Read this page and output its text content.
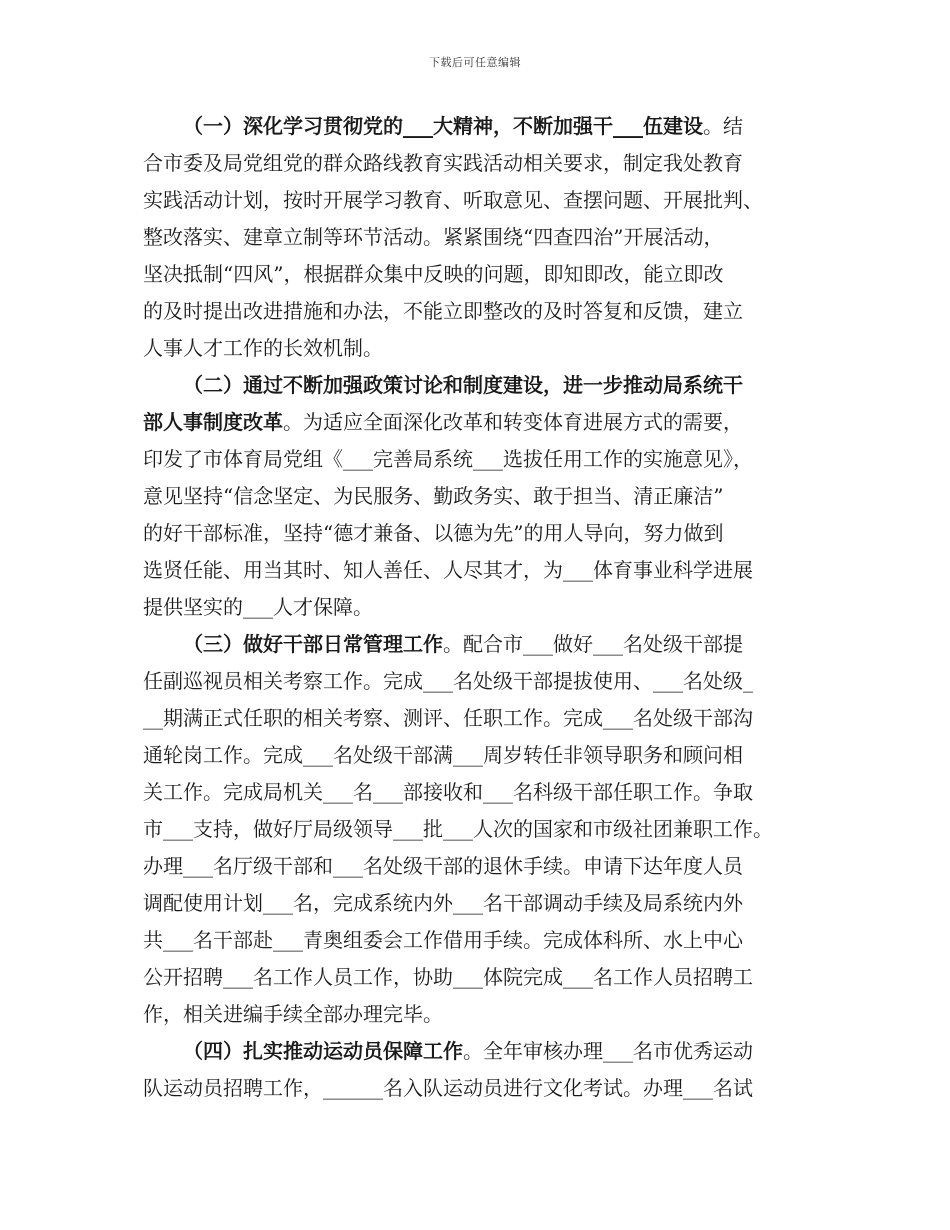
下载后可任意编辑
（一）深化学习贯彻党的___大精神，不断加强干___伍建设。结
合市委及局党组党的群众路线教育实践活动相关要求，制定我处教育
实践活动计划，按时开展学习教育、听取意见、查摆问题、开展批判、
整改落实、建章立制等环节活动。紧紧围绕“四查四治”开展活动，
坚决抵制“四风”，根据群众集中反映的问题，即知即改，能立即改
的及时提出改进措施和办法，不能立即整改的及时答复和反馈，建立
人事人才工作的长效机制。
（二）通过不断加强政策讨论和制度建设，进一步推动局系统干
部人事制度改革。为适应全面深化改革和转变体育进展方式的需要，
印发了市体育局党组《___完善局系统___选拔任用工作的实施意见》，
意见坚持“信念坚定、为民服务、勤政务实、敢于担当、清正廉洁”
的好干部标准，坚持“德才兼备、以德为先”的用人导向，努力做到
选贤任能、用当其时、知人善任、人尽其才，为___体育事业科学进展
提供坚实的___人才保障。
（三）做好干部日常管理工作。配合市___做好___名处级干部提
任副巡视员相关考察工作。完成___名处级干部提拔使用、___名处级_
__期满正式任职的相关考察、测评、任职工作。完成___名处级干部沟
通轮岗工作。完成___名处级干部满___周岁转任非领导职务和顾问相
关工作。完成局机关___名___部接收和___名科级干部任职工作。争取
市___支持，做好厅局级领导___批___人次的国家和市级社团兼职工作。
办理___名厅级干部和___名处级干部的退休手续。申请下达年度人员
调配使用计划___名，完成系统内外___名干部调动手续及局系统内外
共___名干部赴___青奥组委会工作借用手续。完成体科所、水上中心
公开招聘___名工作人员工作，协助___体院完成___名工作人员招聘工
作，相关进编手续全部办理完毕。
（四）扎实推动运动员保障工作。全年审核办理___名市优秀运动
队运动员招聘工作，______名入队运动员进行文化考试。办理___名试
